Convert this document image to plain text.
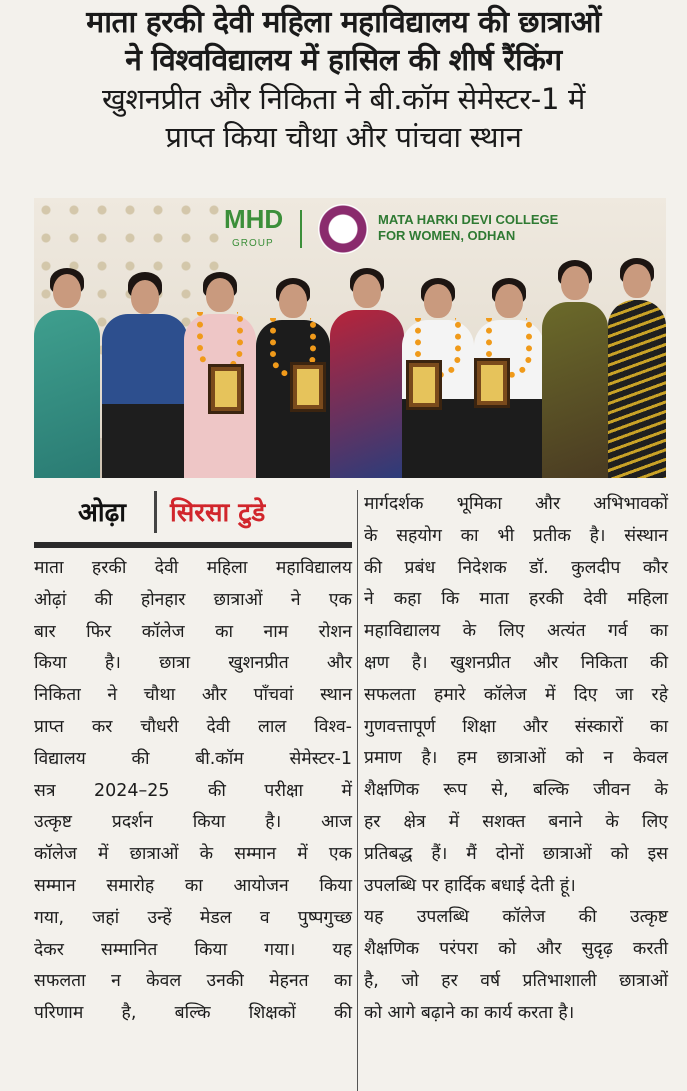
माता हरकी देवी महिला महाविद्यालय की छात्राओं
ने विश्वविद्यालय में हासिल की शीर्ष रैंकिंग
खुशनप्रीत और निकिता ने बी.कॉम सेमेस्टर-1 में
प्राप्त किया चौथा और पांचवा स्थान
MHD
GROUP
MATA HARKI DEVI COLLEGE
FOR WOMEN, ODHAN
ओढ़ा सिरसा टुडे
माता हरकी देवी महिला महाविद्यालय
ओढ़ां की होनहार छात्राओं ने एक
बार फिर कॉलेज का नाम रोशन
किया है। छात्रा खुशनप्रीत और
निकिता ने चौथा और पाँचवां स्थान
प्राप्त कर चौधरी देवी लाल विश्व-
विद्यालय की बी.कॉम सेमेस्टर-1
सत्र 2024–25 की परीक्षा में
उत्कृष्ट प्रदर्शन किया है। आज
कॉलेज में छात्राओं के सम्मान में एक
सम्मान समारोह का आयोजन किया
गया, जहां उन्हें मेडल व पुष्पगुच्छ
देकर सम्मानित किया गया। यह
सफलता न केवल उनकी मेहनत का
परिणाम है, बल्कि शिक्षकों की
मार्गदर्शक भूमिका और अभिभावकों
के सहयोग का भी प्रतीक है। संस्थान
की प्रबंध निदेशक डॉ. कुलदीप कौर
ने कहा कि माता हरकी देवी महिला
महाविद्यालय के लिए अत्यंत गर्व का
क्षण है। खुशनप्रीत और निकिता की
सफलता हमारे कॉलेज में दिए जा रहे
गुणवत्तापूर्ण शिक्षा और संस्कारों का
प्रमाण है। हम छात्राओं को न केवल
शैक्षणिक रूप से, बल्कि जीवन के
हर क्षेत्र में सशक्त बनाने के लिए
प्रतिबद्ध हैं। मैं दोनों छात्राओं को इस
उपलब्धि पर हार्दिक बधाई देती हूं।
यह उपलब्धि कॉलेज की उत्कृष्ट
शैक्षणिक परंपरा को और सुदृढ़ करती
है, जो हर वर्ष प्रतिभाशाली छात्राओं
को आगे बढ़ाने का कार्य करता है।
